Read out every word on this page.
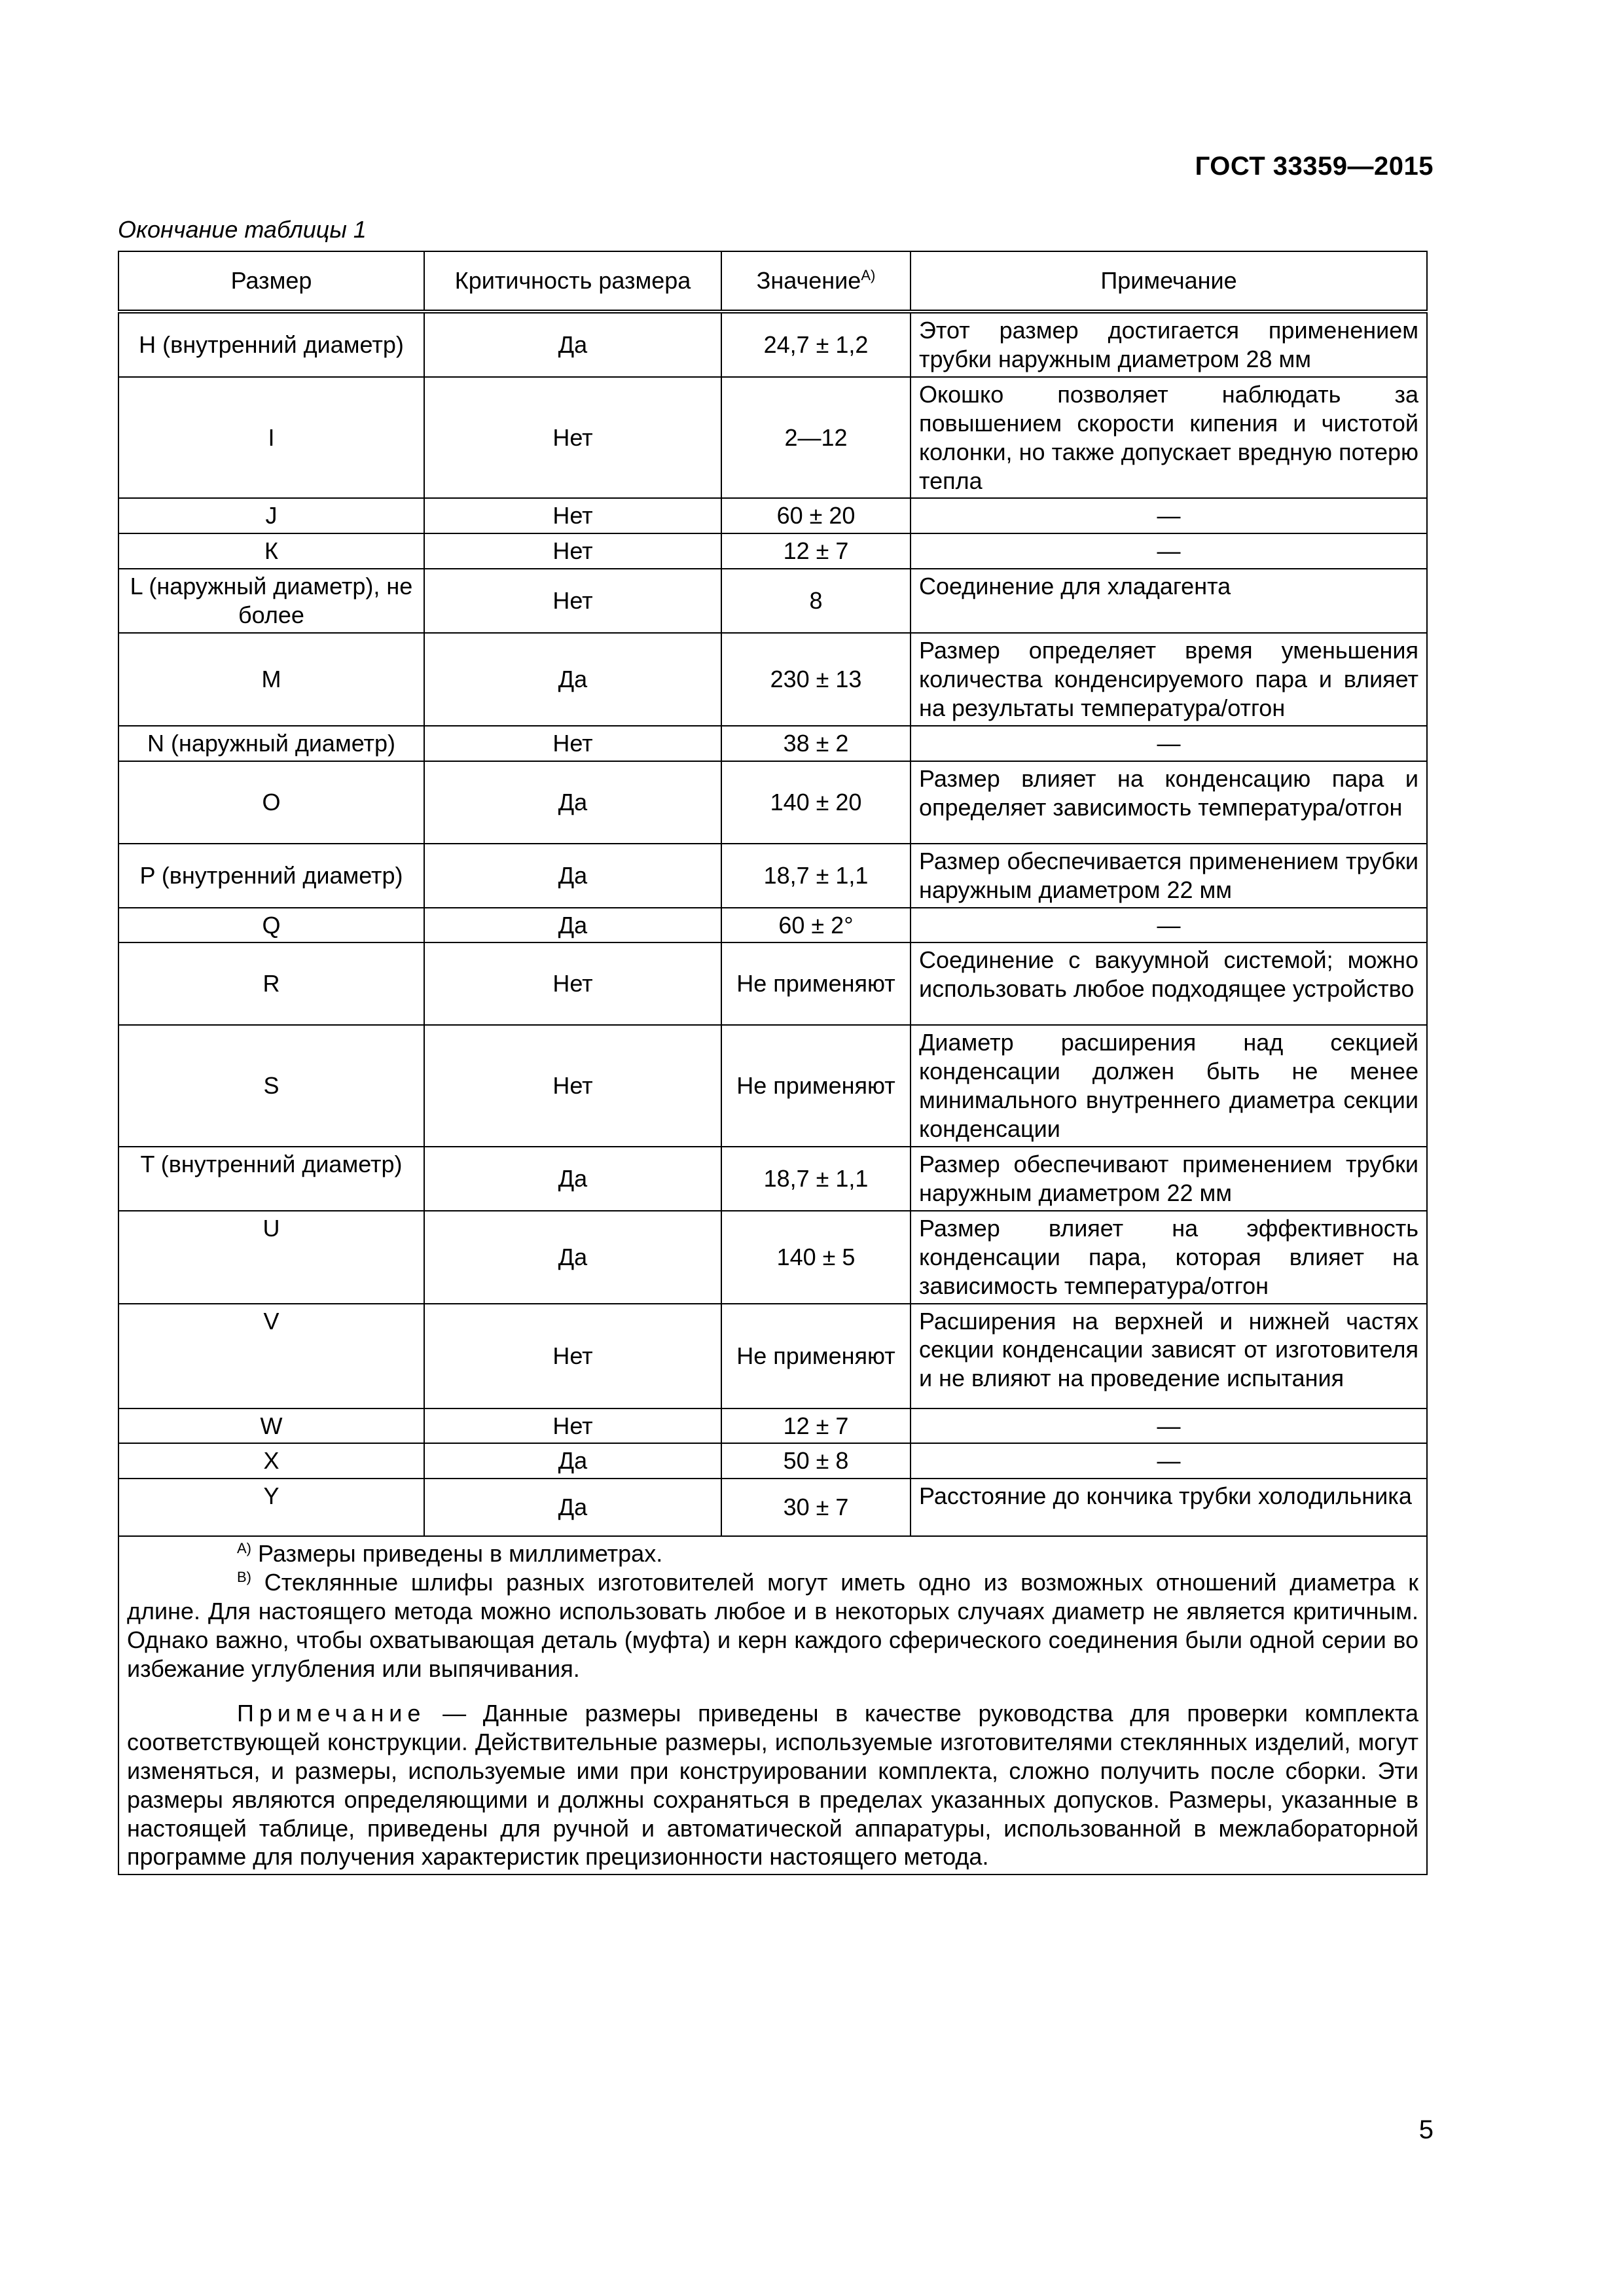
ГОСТ 33359—2015
Окончание таблицы 1
Размер	Критичность размера	Значение$^{A)}$	Примечание
H (внутренний диаметр)	Да	24,7 ± 1,2	Этот размер достигается применением трубки наружным диаметром 28 мм
I	Нет	2—12	Окошко позволяет наблюдать за повышением скорости кипения и чистотой колонки, но также допускает вредную потерю тепла
J	Нет	60 ± 20	—
К	Нет	12 ± 7	—
L (наружный диаметр), не более	Нет	8	Соединение для хладагента
M	Да	230 ± 13	Размер определяет время уменьшения количества конденсируемого пара и влияет на результаты температура/отгон
N (наружный диаметр)	Нет	38 ± 2	—
O	Да	140 ± 20	Размер влияет на конденсацию пара и определяет зависимость температура/отгон
P (внутренний диаметр)	Да	18,7 ± 1,1	Размер обеспечивается применением трубки наружным диаметром 22 мм
Q	Да	60 ± 2°	—
R	Нет	Не применяют	Соединение с вакуумной системой; можно использовать любое подходящее устройство
S	Нет	Не применяют	Диаметр расширения над секцией конденсации должен быть не менее минимального внутреннего диаметра секции конденсации
T (внутренний диаметр)	Да	18,7 ± 1,1	Размер обеспечивают применением трубки наружным диаметром 22 мм
U	Да	140 ± 5	Размер влияет на эффективность конденсации пара, которая влияет на зависимость температура/отгон
V	Нет	Не применяют	Расширения на верхней и нижней частях секции конденсации зависят от изготовителя и не влияют на проведение испытания
W	Нет	12 ± 7	—
X	Да	50 ± 8	—
Y	Да	30 ± 7	Расстояние до кончика трубки холодильника

$^{A)}$ Размеры приведены в миллиметрах.

$^{B)}$ Стеклянные шлифы разных изготовителей могут иметь одно из возможных отношений диаметра к длине. Для настоящего метода можно использовать любое и в некоторых случаях диаметр не является критичным. Однако важно, чтобы охватывающая деталь (муфта) и керн каждого сферического соединения были одной серии во избежание углубления или выпячивания.

Примечание — Данные размеры приведены в качестве руководства для проверки комплекта соответствующей конструкции. Действительные размеры, используемые изготовителями стеклянных изделий, могут изменяться, и размеры, используемые ими при конструировании комплекта, сложно получить после сборки. Эти размеры являются определяющими и должны сохраняться в пределах указанных допусков. Размеры, указанные в настоящей таблице, приведены для ручной и автоматической аппаратуры, использованной в межлабораторной программе для получения характеристик прецизионности настоящего метода.			

5
